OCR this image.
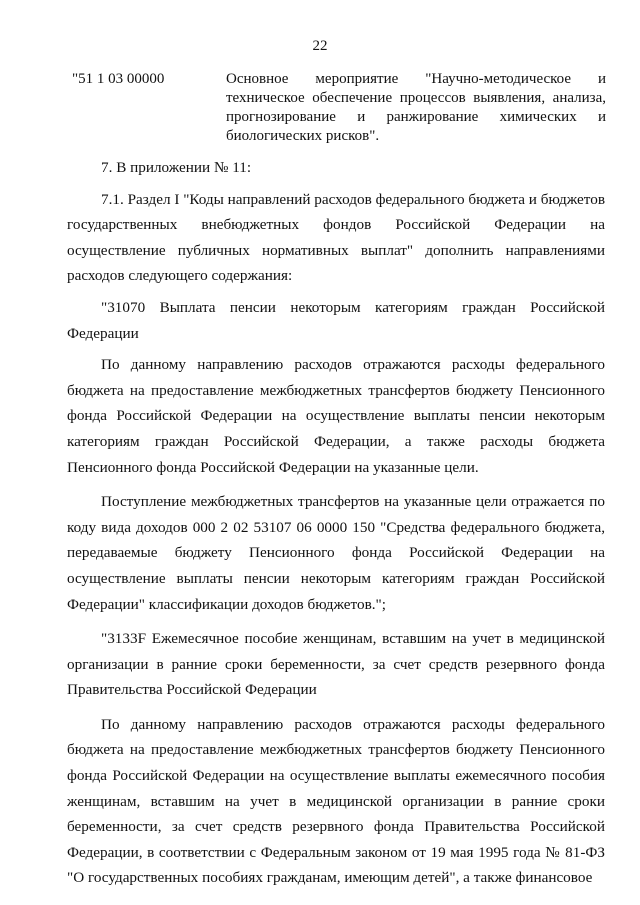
22
"51 1 03 00000	Основное мероприятие "Научно-методическое и техническое обеспечение процессов выявления, анализа, прогнозирование и ранжирование химических и биологических рисков".

7. В приложении № 11:

7.1. Раздел I "Коды направлений расходов федерального бюджета и бюджетов государственных внебюджетных фондов Российской Федерации на осуществление публичных нормативных выплат" дополнить направлениями расходов следующего содержания:

"31070 Выплата пенсии некоторым категориям граждан Российской Федерации

По данному направлению расходов отражаются расходы федерального бюджета на предоставление межбюджетных трансфертов бюджету Пенсионного фонда Российской Федерации на осуществление выплаты пенсии некоторым категориям граждан Российской Федерации, а также расходы бюджета Пенсионного фонда Российской Федерации на указанные цели.

Поступление межбюджетных трансфертов на указанные цели отражается по коду вида доходов 000 2 02 53107 06 0000 150 "Средства федерального бюджета, передаваемые бюджету Пенсионного фонда Российской Федерации на осуществление выплаты пенсии некоторым категориям граждан Российской Федерации" классификации доходов бюджетов.";

"3133F Ежемесячное пособие женщинам, вставшим на учет в медицинской организации в ранние сроки беременности, за счет средств резервного фонда Правительства Российской Федерации

По данному направлению расходов отражаются расходы федерального бюджета на предоставление межбюджетных трансфертов бюджету Пенсионного фонда Российской Федерации на осуществление выплаты ежемесячного пособия женщинам, вставшим на учет в медицинской организации в ранние сроки беременности, за счет средств резервного фонда Правительства Российской Федерации, в соответствии с Федеральным законом от 19 мая 1995 года № 81-ФЗ "О государственных пособиях гражданам, имеющим детей", а также финансовое
